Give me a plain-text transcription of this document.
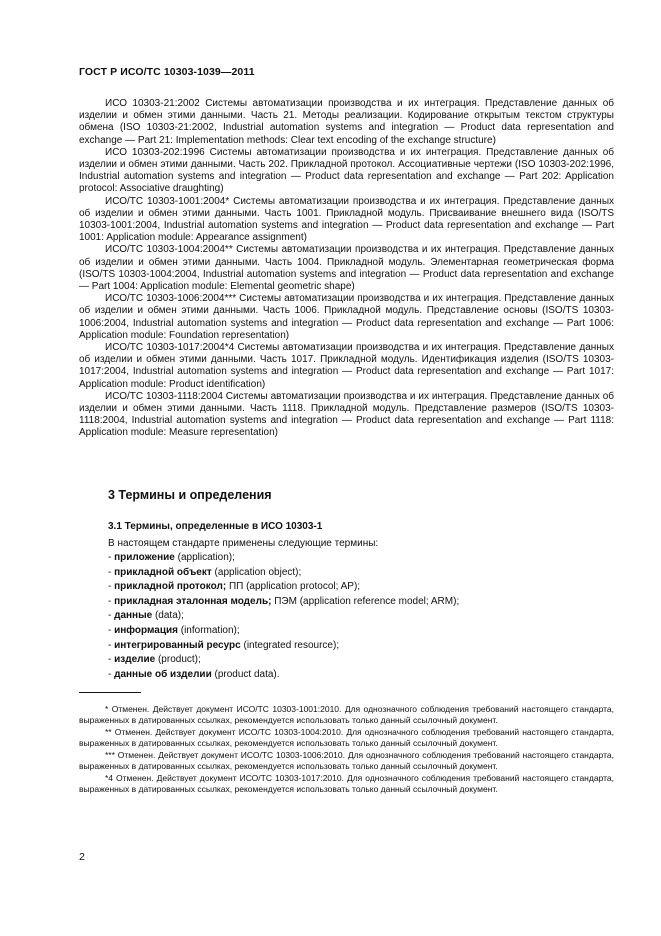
ГОСТ Р ИСО/ТС 10303-1039—2011

ИСО 10303-21:2002 Системы автоматизации производства и их интеграция. Представление данных об изделии и обмен этими данными. Часть 21. Методы реализации. Кодирование открытым текстом структуры обмена (ISO 10303-21:2002, Industrial automation systems and integration — Product data representation and exchange — Part 21: Implementation methods: Clear text encoding of the exchange structure)

ИСО 10303-202:1996 Системы автоматизации производства и их интеграция. Представление данных об изделии и обмен этими данными. Часть 202. Прикладной протокол. Ассоциативные чертежи (ISO 10303-202:1996, Industrial automation systems and integration — Product data representation and exchange — Part 202: Application protocol: Associative draughting)

ИСО/ТС 10303-1001:2004* Системы автоматизации производства и их интеграция. Представление данных об изделии и обмен этими данными. Часть 1001. Прикладной модуль. Присваивание внешнего вида (ISO/TS 10303-1001:2004, Industrial automation systems and integration — Product data representation and exchange — Part 1001: Application module: Appearance assignment)

ИСО/ТС 10303-1004:2004** Системы автоматизации производства и их интеграция. Представление данных об изделии и обмен этими данными. Часть 1004. Прикладной модуль. Элементарная геометрическая форма (ISO/TS 10303-1004:2004, Industrial automation systems and integration — Product data representation and exchange — Part 1004: Application module: Elemental geometric shape)

ИСО/ТС 10303-1006:2004*** Системы автоматизации производства и их интеграция. Представление данных об изделии и обмен этими данными. Часть 1006. Прикладной модуль. Представление основы (ISO/TS 10303-1006:2004, Industrial automation systems and integration — Product data representation and exchange — Part 1006: Application module: Foundation representation)

ИСО/ТС 10303-1017:2004*4 Системы автоматизации производства и их интеграция. Представление данных об изделии и обмен этими данными. Часть 1017. Прикладной модуль. Идентификация изделия (ISO/TS 10303-1017:2004, Industrial automation systems and integration — Product data representation and exchange — Part 1017: Application module: Product identification)

ИСО/ТС 10303-1118:2004 Системы автоматизации производства и их интеграция. Представление данных об изделии и обмен этими данными. Часть 1118. Прикладной модуль. Представление размеров (ISO/TS 10303-1118:2004, Industrial automation systems and integration — Product data representation and exchange — Part 1118: Application module: Measure representation)

3 Термины и определения
3.1 Термины, определенные в ИСО 10303-1
В настоящем стандарте применены следующие термины:
- приложение (application);
- прикладной объект (application object);
- прикладной протокол; ПП (application protocol; AP);
- прикладная эталонная модель; ПЭМ (application reference model; ARM);
- данные (data);
- информация (information);
- интегрированный ресурс (integrated resource);
- изделие (product);
- данные об изделии (product data).

* Отменен. Действует документ ИСО/ТС 10303-1001:2010. Для однозначного соблюдения требований настоящего стандарта, выраженных в датированных ссылках, рекомендуется использовать только данный ссылочный документ.

** Отменен. Действует документ ИСО/ТС 10303-1004:2010. Для однозначного соблюдения требований настоящего стандарта, выраженных в датированных ссылках, рекомендуется использовать только данный ссылочный документ.

*** Отменен. Действует документ ИСО/ТС 10303-1006:2010. Для однозначного соблюдения требований настоящего стандарта, выраженных в датированных ссылках, рекомендуется использовать только данный ссылочный документ.

*4 Отменен. Действует документ ИСО/ТС 10303-1017:2010. Для однозначного соблюдения требований настоящего стандарта, выраженных в датированных ссылках, рекомендуется использовать только данный ссылочный документ.

2
